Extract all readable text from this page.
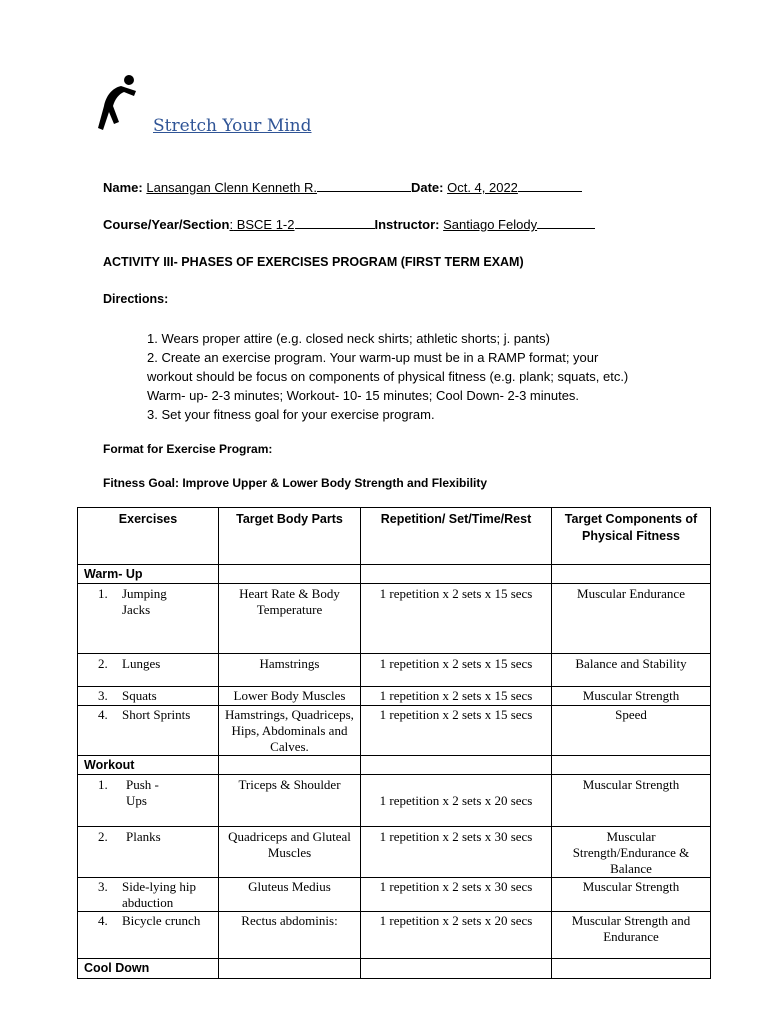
Stretch Your Mind
Name: Lansangan Clenn Kenneth R.	Date: Oct. 4, 2022
Course/Year/Section: BSCE 1-2	Instructor: Santiago Felody
ACTIVITY III- PHASES OF EXERCISES PROGRAM (FIRST TERM EXAM)
Directions:
1. Wears proper attire (e.g. closed neck shirts; athletic shorts; j. pants)
2. Create an exercise program. Your warm-up must be in a RAMP format; your
workout should be focus on components of physical fitness (e.g. plank; squats, etc.)
Warm- up- 2-3 minutes; Workout- 10- 15 minutes; Cool Down- 2-3 minutes.
3. Set your fitness goal for your exercise program.
Format for Exercise Program:
Fitness Goal: Improve Upper & Lower Body Strength and Flexibility
Exercises	Target Body Parts	Repetition/ Set/Time/Rest	Target Components of Physical Fitness
Warm- Up			

1. Jumping Jacks	Heart Rate & Body Temperature	1 repetition x 2 sets x 15 secs	Muscular Endurance

2. Lunges	Hamstrings	1 repetition x 2 sets x 15 secs	Balance and Stability

3. Squats	Lower Body Muscles	1 repetition x 2 sets x 15 secs	Muscular Strength

4. Short Sprints	Hamstrings, Quadriceps, Hips, Abdominals and Calves.	1 repetition x 2 sets x 15 secs	Speed
Workout			

1. Push - Ups	Triceps & Shoulder	1 repetition x 2 sets x 20 secs	Muscular Strength

2. Planks	Quadriceps and Gluteal Muscles	1 repetition x 2 sets x 30 secs	Muscular Strength/Endurance & Balance

3. Side-lying hip abduction	Gluteus Medius	1 repetition x 2 sets x 30 secs	Muscular Strength

4. Bicycle crunch	Rectus abdominis:	1 repetition x 2 sets x 20 secs	Muscular Strength and Endurance
Cool Down			
